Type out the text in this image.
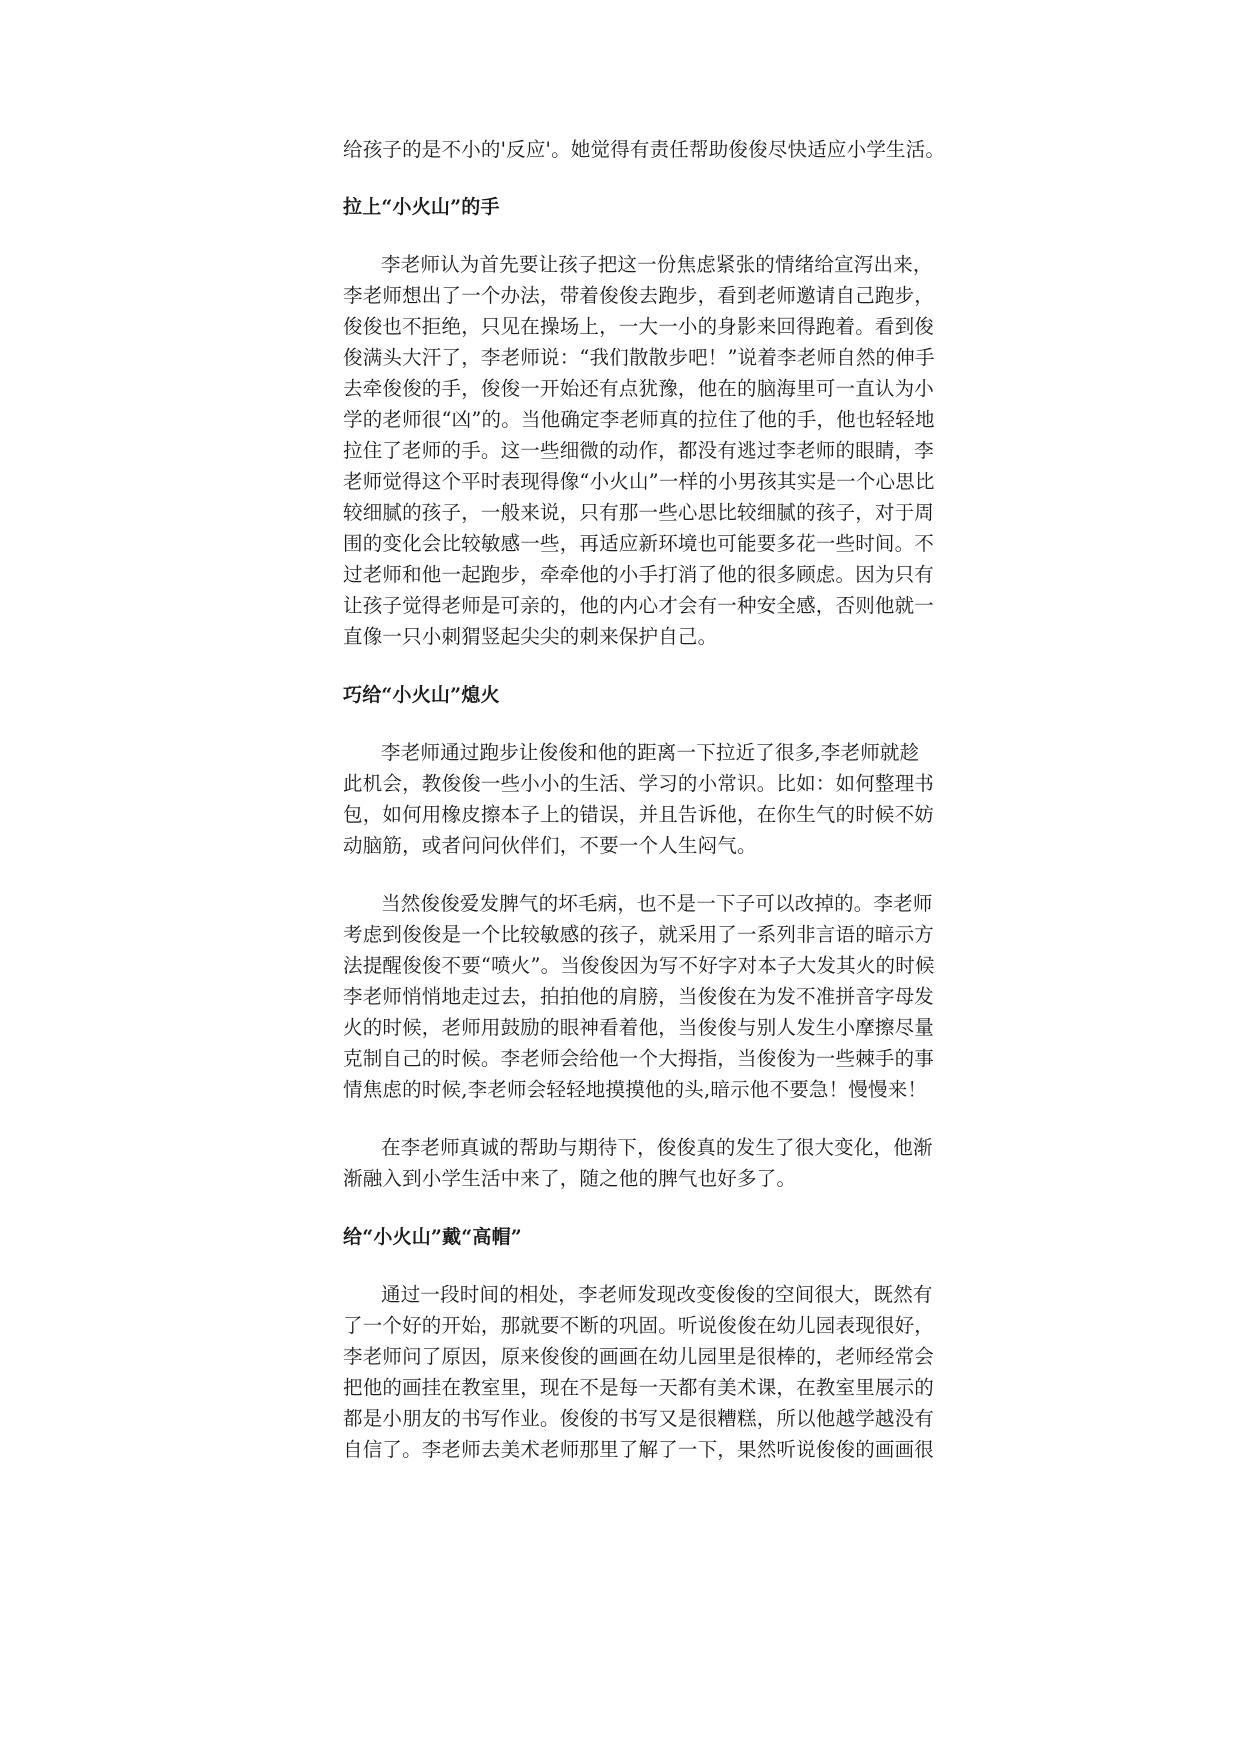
给孩子的是不小的'反应'。她觉得有责任帮助俊俊尽快适应小学生活。
拉上“小火山”的手
李老师认为首先要让孩子把这一份焦虑紧张的情绪给宣泻出来，
李老师想出了一个办法，带着俊俊去跑步，看到老师邀请自己跑步，
俊俊也不拒绝，只见在操场上，一大一小的身影来回得跑着。看到俊
俊满头大汗了，李老师说：“我们散散步吧！”说着李老师自然的伸手
去牵俊俊的手，俊俊一开始还有点犹豫，他在的脑海里可一直认为小
学的老师很“凶”的。当他确定李老师真的拉住了他的手，他也轻轻地
拉住了老师的手。这一些细微的动作，都没有逃过李老师的眼睛，李
老师觉得这个平时表现得像“小火山”一样的小男孩其实是一个心思比
较细腻的孩子，一般来说，只有那一些心思比较细腻的孩子，对于周
围的变化会比较敏感一些，再适应新环境也可能要多花一些时间。不
过老师和他一起跑步，牵牵他的小手打消了他的很多顾虑。因为只有
让孩子觉得老师是可亲的，他的内心才会有一种安全感，否则他就一
直像一只小刺猬竖起尖尖的刺来保护自己。
巧给“小火山”熄火
李老师通过跑步让俊俊和他的距离一下拉近了很多,李老师就趁
此机会，教俊俊一些小小的生活、学习的小常识。比如：如何整理书
包，如何用橡皮擦本子上的错误，并且告诉他，在你生气的时候不妨
动脑筋，或者问问伙伴们，不要一个人生闷气。
当然俊俊爱发脾气的坏毛病，也不是一下子可以改掉的。李老师
考虑到俊俊是一个比较敏感的孩子，就采用了一系列非言语的暗示方
法提醒俊俊不要“喷火”。当俊俊因为写不好字对本子大发其火的时候
李老师悄悄地走过去，拍拍他的肩膀，当俊俊在为发不准拼音字母发
火的时候，老师用鼓励的眼神看着他，当俊俊与别人发生小摩擦尽量
克制自己的时候。李老师会给他一个大拇指，当俊俊为一些棘手的事
情焦虑的时候,李老师会轻轻地摸摸他的头,暗示他不要急！慢慢来！
在李老师真诚的帮助与期待下，俊俊真的发生了很大变化，他渐
渐融入到小学生活中来了，随之他的脾气也好多了。
给“小火山”戴“高帽”
通过一段时间的相处，李老师发现改变俊俊的空间很大，既然有
了一个好的开始，那就要不断的巩固。听说俊俊在幼儿园表现很好，
李老师问了原因，原来俊俊的画画在幼儿园里是很棒的，老师经常会
把他的画挂在教室里，现在不是每一天都有美术课，在教室里展示的
都是小朋友的书写作业。俊俊的书写又是很糟糕，所以他越学越没有
自信了。李老师去美术老师那里了解了一下，果然听说俊俊的画画很
